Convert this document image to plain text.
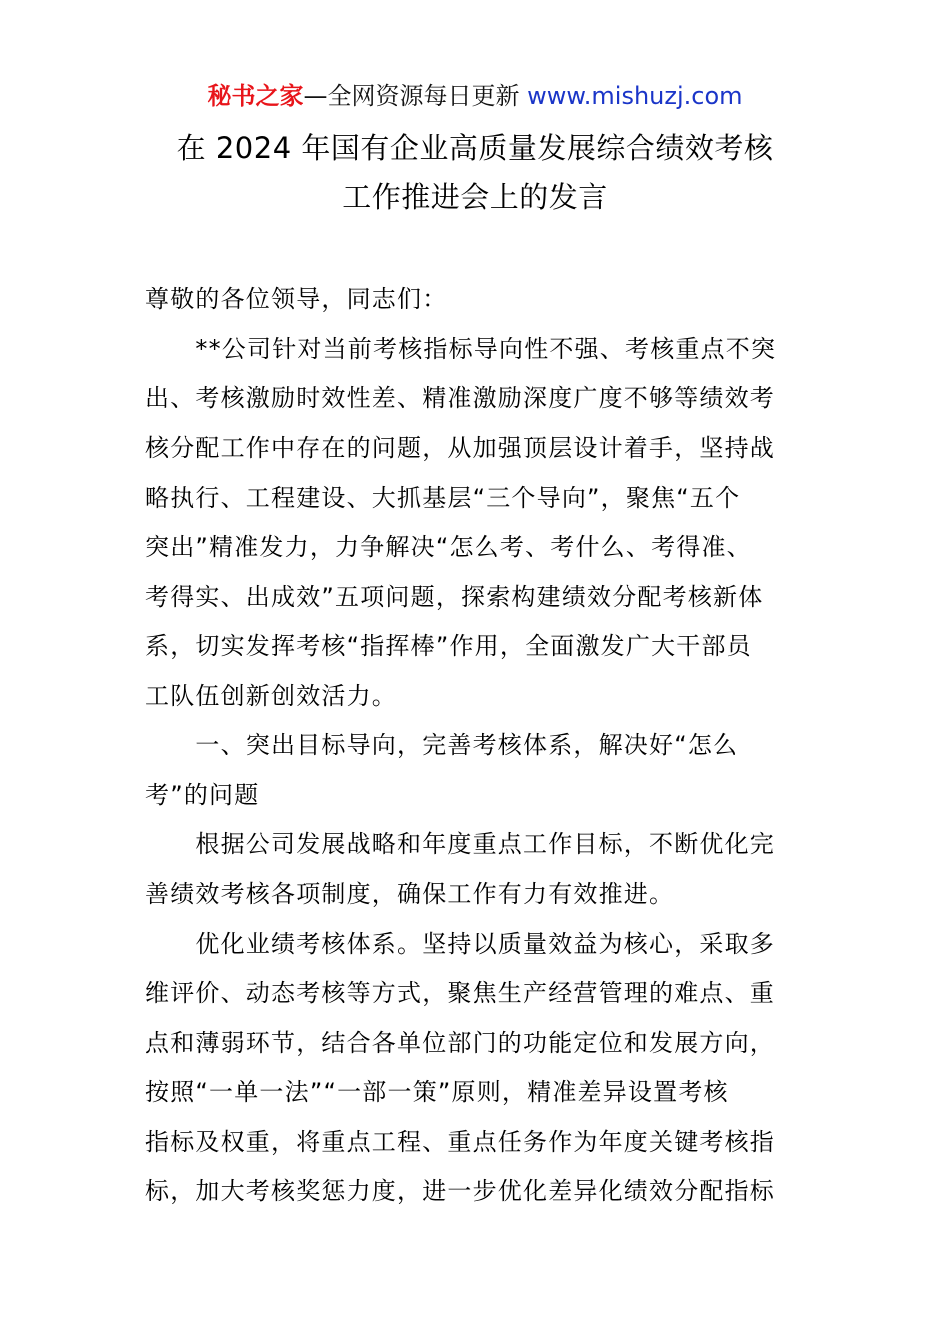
秘书之家—全网资源每日更新 www.mishuzj.com
在 2024 年国有企业高质量发展综合绩效考核
工作推进会上的发言
尊敬的各位领导，同志们：
　　**公司针对当前考核指标导向性不强、考核重点不突
出、考核激励时效性差、精准激励深度广度不够等绩效考
核分配工作中存在的问题，从加强顶层设计着手，坚持战
略执行、工程建设、大抓基层“三个导向”，聚焦“五个
突出”精准发力，力争解决“怎么考、考什么、考得准、
考得实、出成效”五项问题，探索构建绩效分配考核新体
系，切实发挥考核“指挥棒”作用，全面激发广大干部员
工队伍创新创效活力。
　　一、突出目标导向，完善考核体系，解决好“怎么
考”的问题
　　根据公司发展战略和年度重点工作目标，不断优化完
善绩效考核各项制度，确保工作有力有效推进。
　　优化业绩考核体系。坚持以质量效益为核心，采取多
维评价、动态考核等方式，聚焦生产经营管理的难点、重
点和薄弱环节，结合各单位部门的功能定位和发展方向，
按照“一单一法”“一部一策”原则，精准差异设置考核
指标及权重，将重点工程、重点任务作为年度关键考核指
标，加大考核奖惩力度，进一步优化差异化绩效分配指标
